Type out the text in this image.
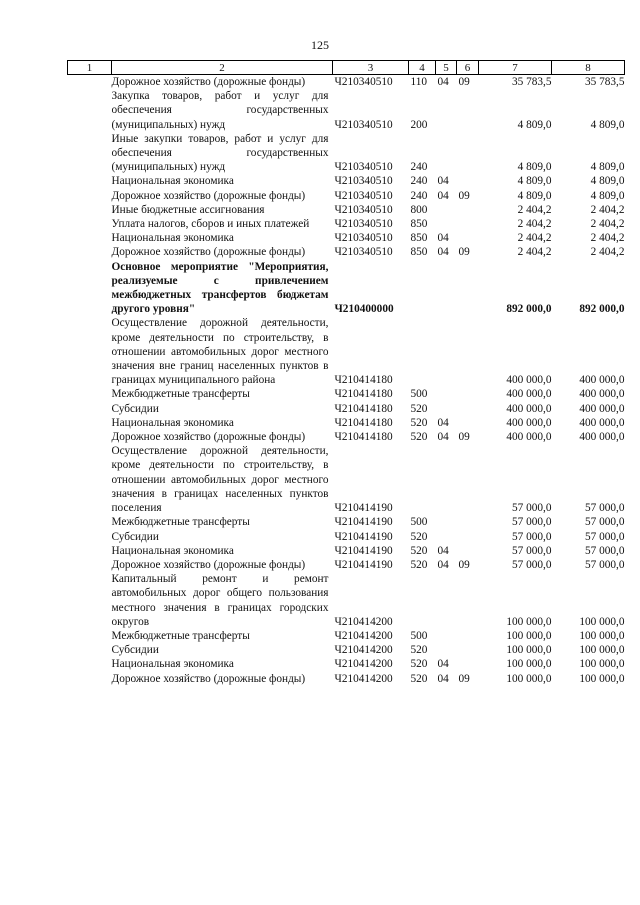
125
1	2	3	4	5	6	7	8
	Дорожное хозяйство (дорожные фонды)	Ч210340510	110	04	09	35 783,5	35 783,5
	Закупка товаров, работ и услуг для обеспечения государственных (муниципальных) нужд	Ч210340510	200			4 809,0	4 809,0
	Иные закупки товаров, работ и услуг для обеспечения государственных (муниципальных) нужд	Ч210340510	240			4 809,0	4 809,0
	Национальная экономика	Ч210340510	240	04		4 809,0	4 809,0
	Дорожное хозяйство (дорожные фонды)	Ч210340510	240	04	09	4 809,0	4 809,0
	Иные бюджетные ассигнования	Ч210340510	800			2 404,2	2 404,2
	Уплата налогов, сборов и иных платежей	Ч210340510	850			2 404,2	2 404,2
	Национальная экономика	Ч210340510	850	04		2 404,2	2 404,2
	Дорожное хозяйство (дорожные фонды)	Ч210340510	850	04	09	2 404,2	2 404,2
	Основное мероприятие "Мероприятия, реализуемые с привлечением межбюджетных трансфертов бюджетам другого уровня"	Ч210400000				892 000,0	892 000,0
	Осуществление дорожной деятельности, кроме деятельности по строительству, в отношении автомобильных дорог местного значения вне границ населенных пунктов в границах муниципального района	Ч210414180				400 000,0	400 000,0
	Межбюджетные трансферты	Ч210414180	500			400 000,0	400 000,0
	Субсидии	Ч210414180	520			400 000,0	400 000,0
	Национальная экономика	Ч210414180	520	04		400 000,0	400 000,0
	Дорожное хозяйство (дорожные фонды)	Ч210414180	520	04	09	400 000,0	400 000,0
	Осуществление дорожной деятельности, кроме деятельности по строительству, в отношении автомобильных дорог местного значения в границах населенных пунктов поселения	Ч210414190				57 000,0	57 000,0
	Межбюджетные трансферты	Ч210414190	500			57 000,0	57 000,0
	Субсидии	Ч210414190	520			57 000,0	57 000,0
	Национальная экономика	Ч210414190	520	04		57 000,0	57 000,0
	Дорожное хозяйство (дорожные фонды)	Ч210414190	520	04	09	57 000,0	57 000,0
	Капитальный ремонт и ремонт автомобильных дорог общего пользования местного значения в границах городских округов	Ч210414200				100 000,0	100 000,0
	Межбюджетные трансферты	Ч210414200	500			100 000,0	100 000,0
	Субсидии	Ч210414200	520			100 000,0	100 000,0
	Национальная экономика	Ч210414200	520	04		100 000,0	100 000,0
	Дорожное хозяйство (дорожные фонды)	Ч210414200	520	04	09	100 000,0	100 000,0
